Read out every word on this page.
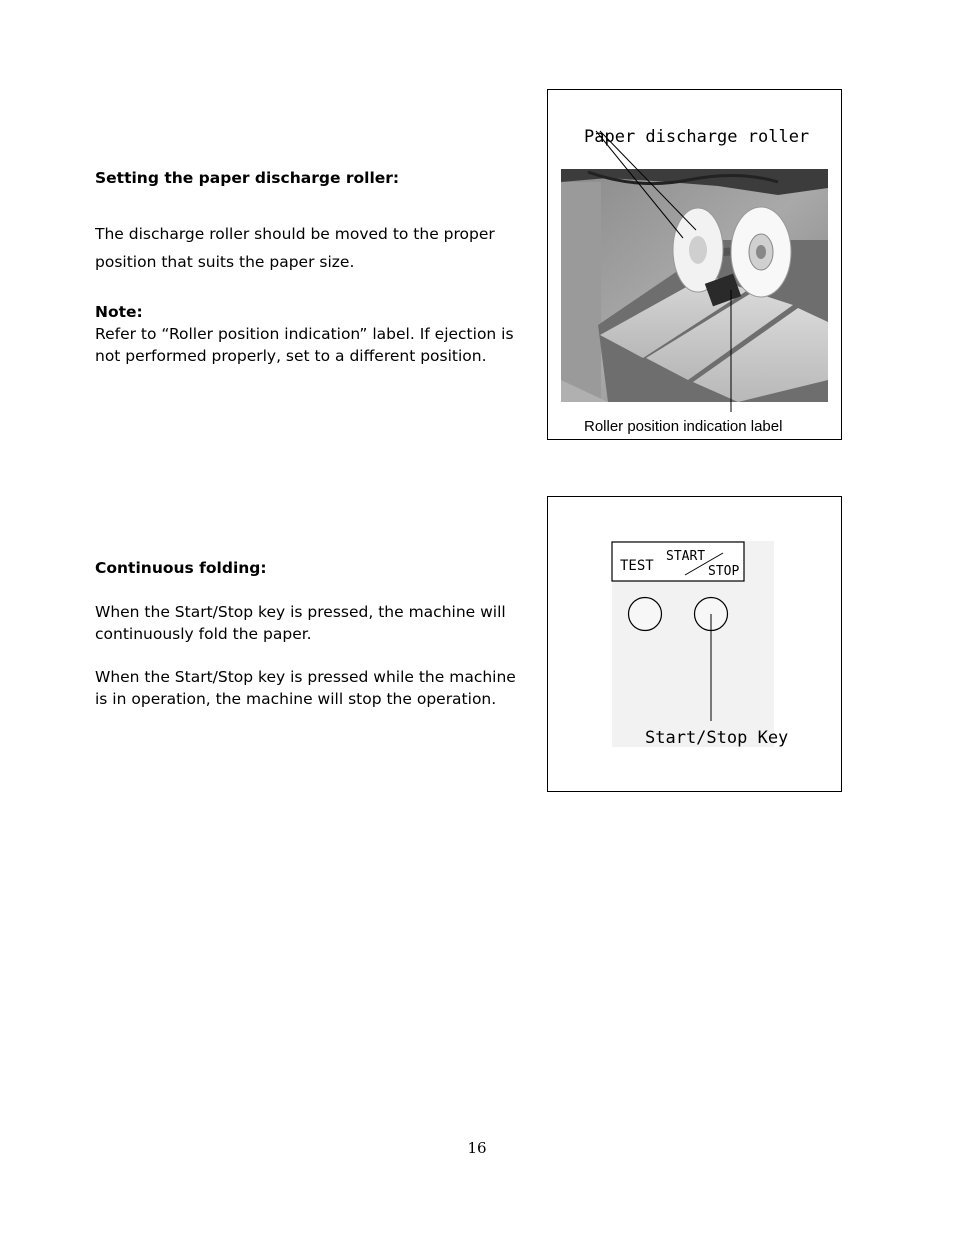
Setting the paper discharge roller:
The discharge roller should be moved to the proper
position that suits the paper size.
Note:
Refer to “Roller position indication” label. If ejection is
not performed properly, set to a different position.
Paper discharge roller
Roller position indication label
Continuous folding:
When the Start/Stop key is pressed, the machine will
continuously fold the paper.
When the Start/Stop key is pressed while the machine
is in operation, the machine will stop the operation.
TEST
START
STOP
Start/Stop Key
16
